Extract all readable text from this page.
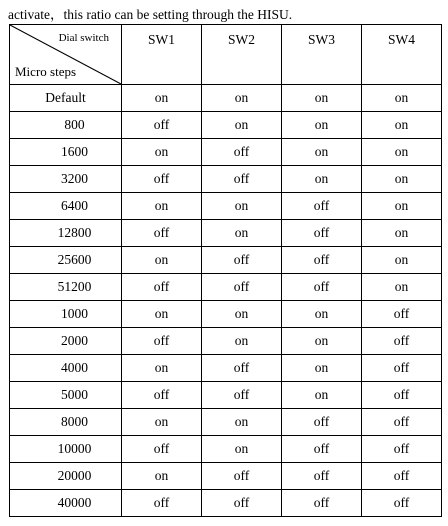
activate，this ratio can be setting through the HISU.
Dial switch
Micro steps	SW1	SW2	SW3	SW4
Default	on	on	on	on
800	off	on	on	on
1600	on	off	on	on
3200	off	off	on	on
6400	on	on	off	on
12800	off	on	off	on
25600	on	off	off	on
51200	off	off	off	on
1000	on	on	on	off
2000	off	on	on	off
4000	on	off	on	off
5000	off	off	on	off
8000	on	on	off	off
10000	off	on	off	off
20000	on	off	off	off
40000	off	off	off	off
